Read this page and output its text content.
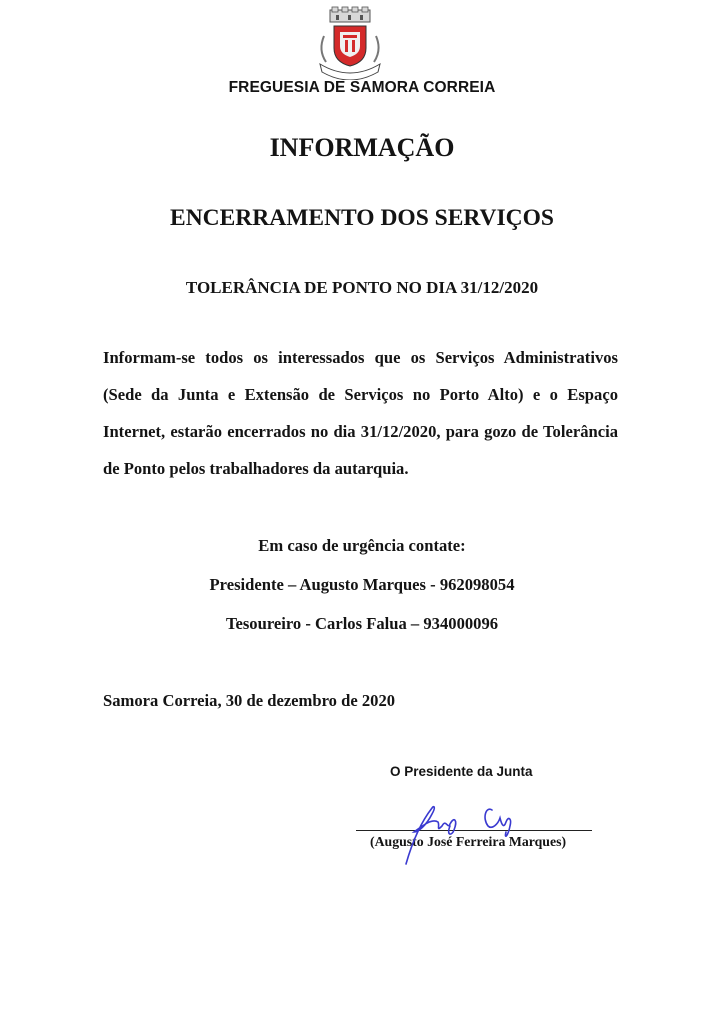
FREGUESIA DE SAMORA CORREIA
INFORMAÇÃO
ENCERRAMENTO DOS SERVIÇOS
TOLERÂNCIA DE PONTO NO DIA 31/12/2020
Informam-se todos os interessados que os Serviços Administrativos (Sede da Junta e Extensão de Serviços no Porto Alto) e o Espaço Internet, estarão encerrados no dia 31/12/2020, para gozo de Tolerância de Ponto pelos trabalhadores da autarquia.
Em caso de urgência contate:
Presidente – Augusto Marques - 962098054
Tesoureiro - Carlos Falua – 934000096
Samora Correia, 30 de dezembro de 2020
O Presidente da Junta
(Augusto José Ferreira Marques)
